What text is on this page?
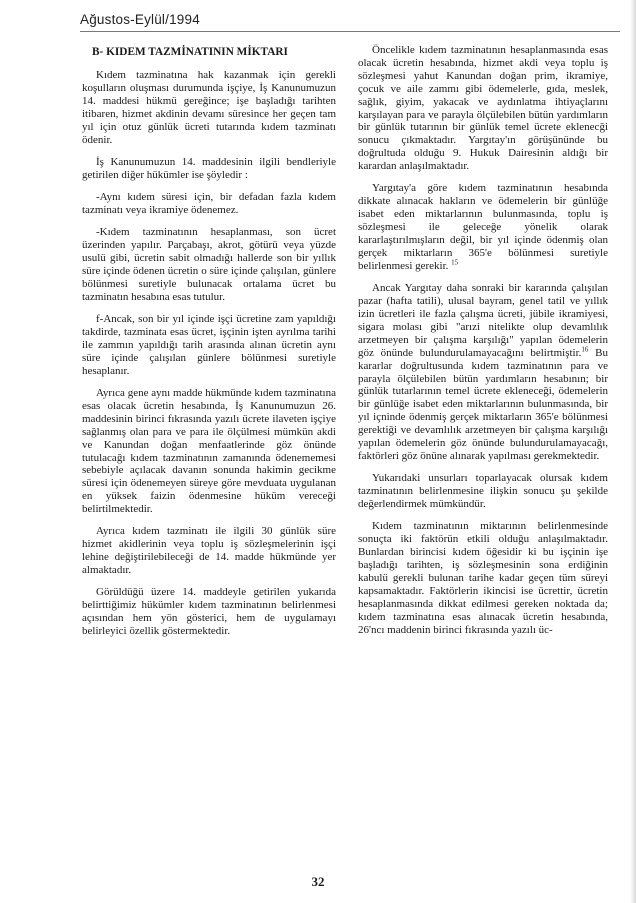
Ağustos-Eylül/1994
B- KIDEM TAZMİNATININ MİKTARI

Kıdem tazminatına hak kazanmak için gerekli koşulların oluşması durumunda işçiye, İş Kanunumuzun 14. maddesi hükmü gereğince; işe başladığı tarihten itibaren, hizmet akdinin devamı süresince her geçen tam yıl için otuz günlük ücreti tutarında kıdem tazminatı ödenir.

İş Kanunumuzun 14. maddesinin ilgili bendleriyle getirilen diğer hükümler ise şöyledir :

-Aynı kıdem süresi için, bir defadan fazla kıdem tazminatı veya ikramiye ödenemez.

-Kıdem tazminatının hesaplanması, son ücret üzerinden yapılır. Parçabaşı, akrot, götürü veya yüzde usulü gibi, ücretin sabit olmadığı hallerde son bir yıllık süre içinde ödenen ücretin o süre içinde çalışılan, günlere bölünmesi suretiyle bulunacak ortalama ücret bu tazminatın hesabına esas tutulur.

f-Ancak, son bir yıl içinde işçi ücretine zam yapıldığı takdirde, tazminata esas ücret, işçinin işten ayrılma tarihi ile zammın yapıldığı tarih arasında alınan ücretin aynı süre içinde çalışılan günlere bölünmesi suretiyle hesaplanır.

Ayrıca gene aynı madde hükmünde kıdem tazminatına esas olacak ücretin hesabında, İş Kanunumuzun 26. maddesinin birinci fıkrasında yazılı ücrete ilaveten işçiye sağlanmış olan para ve para ile ölçülmesi mümkün akdi ve Kanundan doğan menfaatlerinde göz önünde tutulacağı kıdem tazminatının zamanında ödenememesi sebebiyle açılacak davanın sonunda hakimin gecikme süresi için ödenemeyen süreye göre mevduata uygulanan en yüksek faizin ödenmesine hüküm vereceği belirtilmektedir.

Ayrıca kıdem tazminatı ile ilgili 30 günlük süre hizmet akidlerinin veya toplu iş sözleşmelerinin işçi lehine değiştirilebileceği de 14. madde hükmünde yer almaktadır.

Görüldüğü üzere 14. maddeyle getirilen yukarıda belirttiğimiz hükümler kıdem tazminatının belirlenmesi açısından hem yön gösterici, hem de uygulamayı belirleyici özellik göstermektedir.

Öncelikle kıdem tazminatının hesaplanmasında esas olacak ücretin hesabında, hizmet akdi veya toplu iş sözleşmesi yahut Kanundan doğan prim, ikramiye, çocuk ve aile zammı gibi ödemelerle, gıda, meslek, sağlık, giyim, yakacak ve aydınlatma ihtiyaçlarını karşılayan para ve parayla ölçülebilen bütün yardımların bir günlük tutarının bir günlük temel ücrete eklenecği sonucu çıkmaktadır. Yargıtay'ın görüşününde bu doğrultuda olduğu 9. Hukuk Dairesinin aldığı bir karardan anlaşılmaktadır.

Yargıtay'a göre kıdem tazminatının hesabında dikkate alınacak hakların ve ödemelerin bir günlüğe isabet eden miktarlarının bulunmasında, toplu iş sözleşmesi ile geleceğe yönelik olarak kararlaştırılmışların değil, bir yıl içinde ödenmiş olan gerçek miktarların 365'e bölünmesi suretiyle belirlenmesi gerekir. $^{15}$

Ancak Yargıtay daha sonraki bir kararında çalışılan pazar (hafta tatili), ulusal bayram, genel tatil ve yıllık izin ücretleri ile fazla çalışma ücreti, jübile ikramiyesi, sigara molası gibi "arızi nitelikte olup devamlılık arzetmeyen bir çalışma karşılığı" yapılan ödemelerin göz önünde bulundurulamayacağını belirtmiştir.$^{16}$ Bu kararlar doğrultusunda kıdem tazminatının para ve parayla ölçülebilen bütün yardımların hesabının; bir günlük tutarlarının temel ücrete ekleneceği, ödemelerin bir günlüğe isabet eden miktarlarının bulunmasında, bir yıl içninde ödenmiş gerçek miktarların 365'e bölünmesi gerektiği ve devamlılık arzetmeyen bir çalışma karşılığı yapılan ödemelerin göz önünde bulundurulamayacağı, faktörleri göz önüne alınarak yapılması gerekmektedir.

Yukarıdaki unsurları toparlayacak olursak kıdem tazminatının belirlenmesine ilişkin sonucu şu şekilde değerlendirmek mümkündür.

Kıdem tazminatının miktarının belirlenmesinde sonuçta iki faktörün etkili olduğu anlaşılmaktadır. Bunlardan birincisi kıdem öğesidir ki bu işçinin işe başladığı tarihten, iş sözleşmesinin sona erdiğinin kabulü gerekli bulunan tarihe kadar geçen tüm süreyi kapsamaktadır. Faktörlerin ikincisi ise ücrettir, ücretin hesaplanmasında dikkat edilmesi gereken noktada da; kıdem tazminatına esas alınacak ücretin hesabında, 26'ncı maddenin birinci fıkrasında yazılı üc-

32
